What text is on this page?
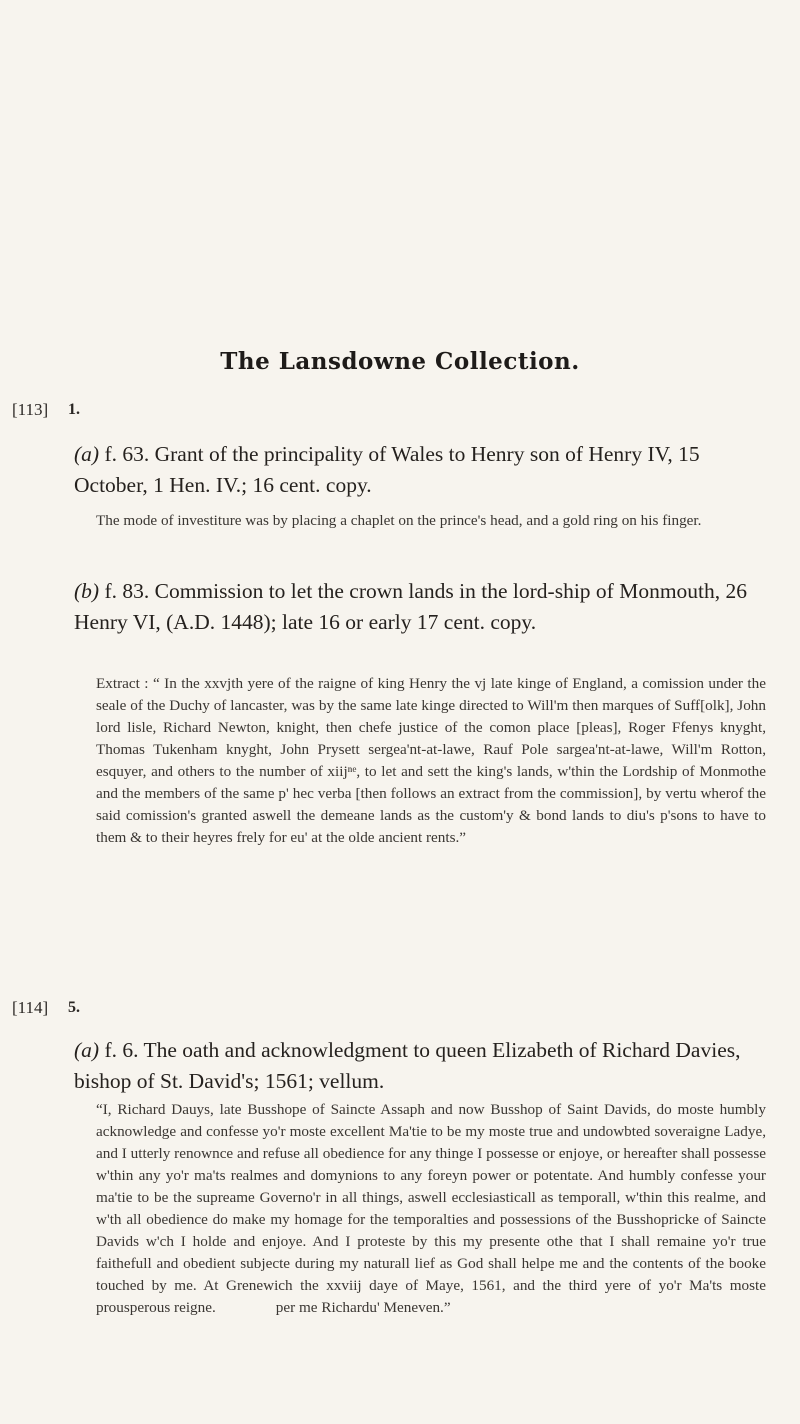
The Lansdowne Collection.
[113] 1.
(a) f. 63. Grant of the principality of Wales to Henry son of Henry IV, 15 October, 1 Hen. IV.; 16 cent. copy.
The mode of investiture was by placing a chaplet on the prince's head, and a gold ring on his finger.
(b) f. 83. Commission to let the crown lands in the lord-ship of Monmouth, 26 Henry VI, (A.D. 1448); late 16 or early 17 cent. copy.
Extract : “ In the xxvjth yere of the raigne of king Henry the vj late kinge of England, a comission under the seale of the Duchy of lancaster, was by the same late kinge directed to Will'm then marques of Suff[olk], John lord lisle, Richard Newton, knight, then chefe justice of the comon place [pleas], Roger Ffenys knyght, Thomas Tukenham knyght, John Prysett sergea'nt-at-lawe, Rauf Pole sargea'nt-at-lawe, Will'm Rotton, esquyer, and others to the number of xiijⁿᵉ, to let and sett the king's lands, w'thin the Lordship of Monmothe and the members of the same p' hec verba [then follows an extract from the commission], by vertu wherof the said comission's granted aswell the demeane lands as the custom'y & bond lands to diu's p'sons to have to them & to their heyres frely for eu' at the olde ancient rents.”
[114] 5.
(a) f. 6. The oath and acknowledgment to queen Elizabeth of Richard Davies, bishop of St. David's; 1561; vellum.
“I, Richard Dauys, late Busshope of Saincte Assaph and now Busshop of Saint Davids, do moste humbly acknowledge and confesse yo'r moste excellent Ma'tie to be my moste true and undowbted soveraigne Ladye, and I utterly renownce and refuse all obedience for any thinge I possesse or enjoye, or hereafter shall possesse w'thin any yo'r ma'ts realmes and domynions to any foreyn power or potentate. And humbly confesse your ma'tie to be the supreame Governo'r in all things, aswell ecclesiasticall as temporall, w'thin this realme, and w'th all obedience do make my homage for the temporalties and possessions of the Busshopricke of Saincte Davids w'ch I holde and enjoye. And I proteste by this my presente othe that I shall remaine yo'r true faithefull and obedient subjecte during my naturall lief as God shall helpe me and the contents of the booke touched by me. At Grenewich the xxviij daye of Maye, 1561, and the third yere of yo'r Ma'ts moste prousperous reigne.	per me Richardu' Meneven.”
